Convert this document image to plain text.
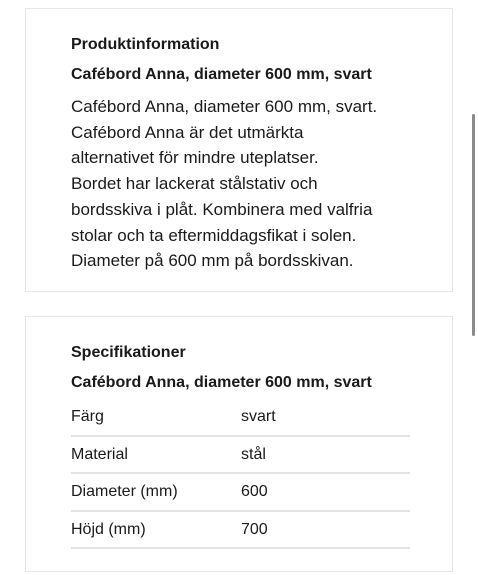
Produktinformation
Cafébord Anna, diameter 600 mm, svart
Cafébord Anna, diameter 600 mm, svart.
Cafébord Anna är det utmärkta
alternativet för mindre uteplatser.
Bordet har lackerat stålstativ och
bordsskiva i plåt. Kombinera med valfria
stolar och ta eftermiddagsfikat i solen.
Diameter på 600 mm på bordsskivan.
Specifikationer
Cafébord Anna, diameter 600 mm, svart
Färg	svart
Material	stål
Diameter (mm)	600
Höjd (mm)	700
